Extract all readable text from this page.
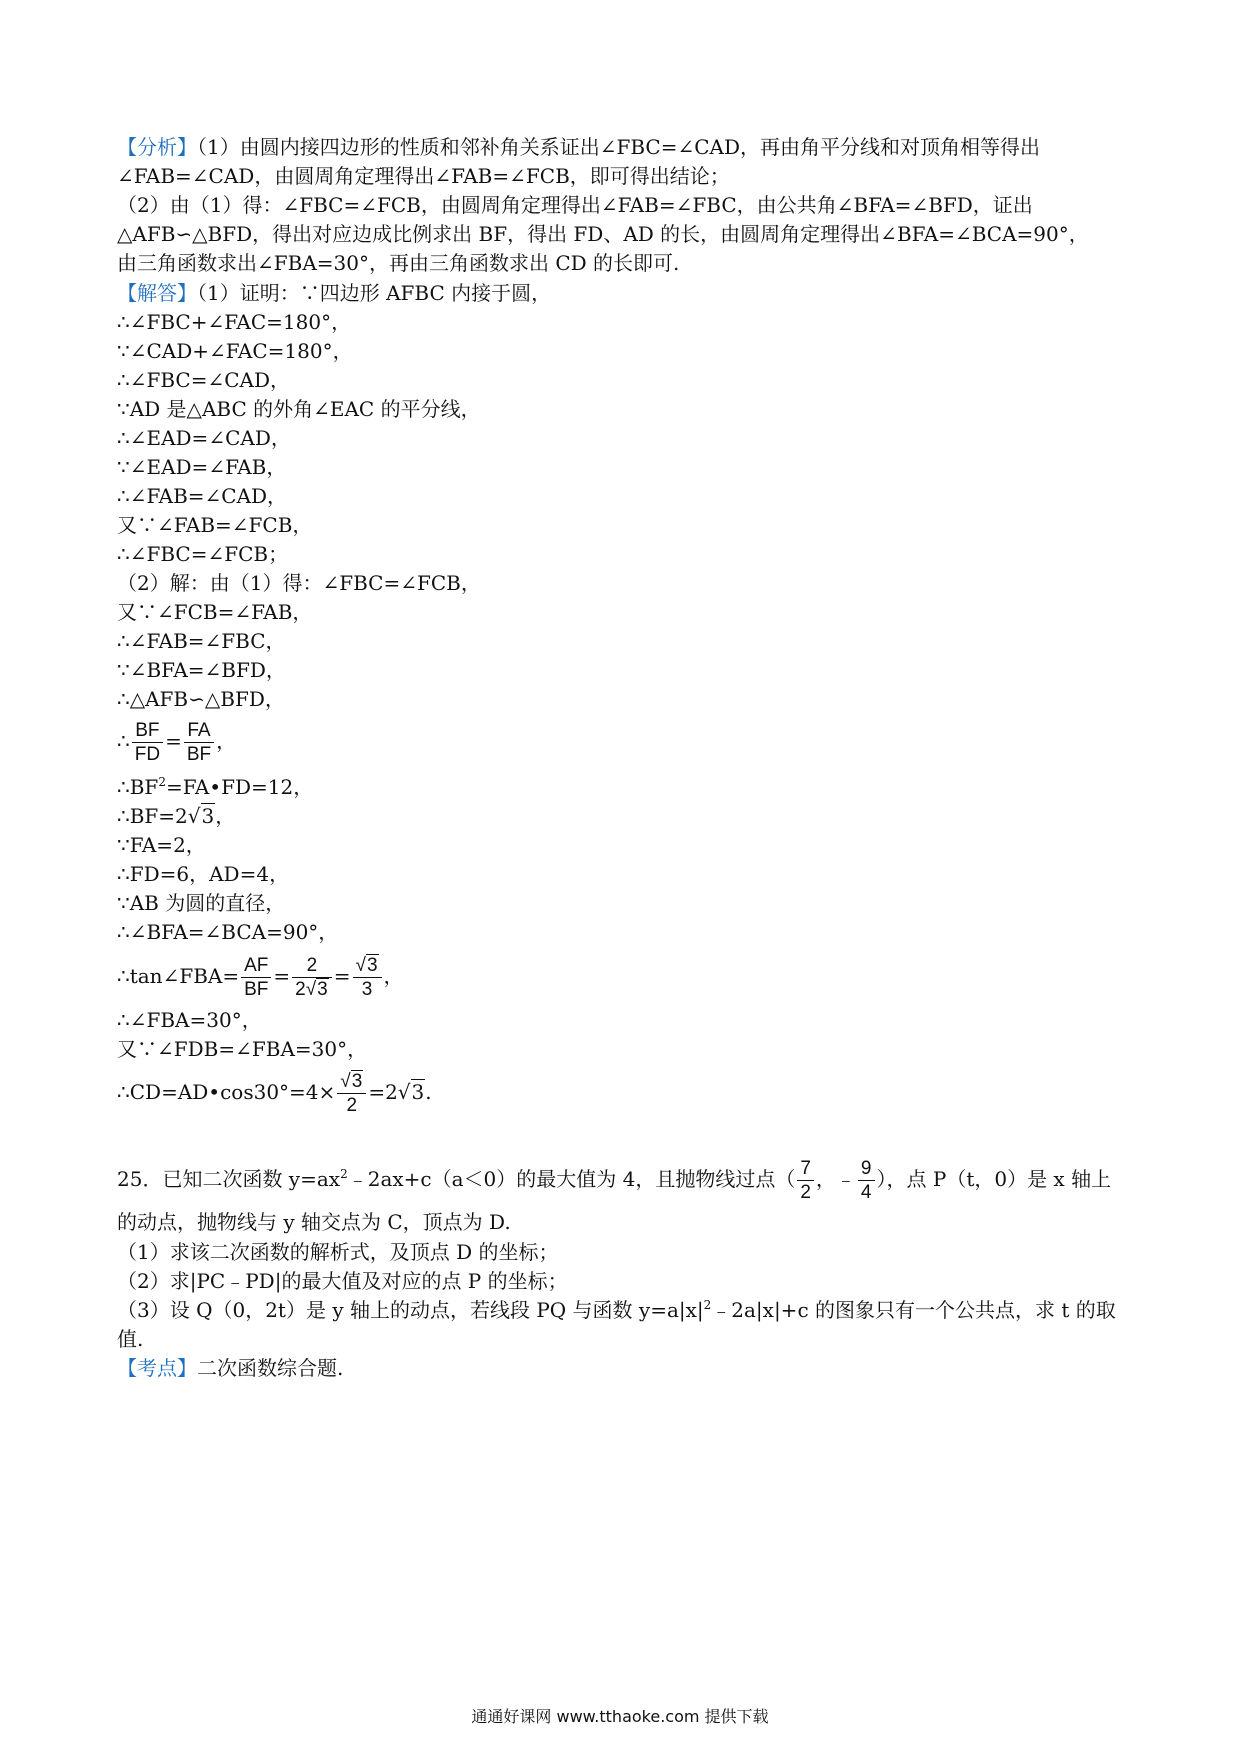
【分析】（1）由圆内接四边形的性质和邻补角关系证出∠FBC=∠CAD，再由角平分线和对顶角相等得出
∠FAB=∠CAD，由圆周角定理得出∠FAB=∠FCB，即可得出结论；
（2）由（1）得：∠FBC=∠FCB，由圆周角定理得出∠FAB=∠FBC，由公共角∠BFA=∠BFD，证出
△AFB∽△BFD，得出对应边成比例求出 BF，得出 FD、AD 的长，由圆周角定理得出∠BFA=∠BCA=90°，
由三角函数求出∠FBA=30°，再由三角函数求出 CD 的长即可.
【解答】（1）证明：∵四边形 AFBC 内接于圆，
∴∠FBC+∠FAC=180°，
∵∠CAD+∠FAC=180°，
∴∠FBC=∠CAD，
∵AD 是△ABC 的外角∠EAC 的平分线，
∴∠EAD=∠CAD，
∵∠EAD=∠FAB，
∴∠FAB=∠CAD，
又∵∠FAB=∠FCB，
∴∠FBC=∠FCB；
（2）解：由（1）得：∠FBC=∠FCB，
又∵∠FCB=∠FAB，
∴∠FAB=∠FBC，
∵∠BFA=∠BFD，
∴△AFB∽△BFD，
∴ $\frac{BF}{FD} = \frac{FA}{BF}$ ，
$\therefore BF^2=FA•FD=12$，
∴BF=2√3，
∵FA=2，
∴FD=6，AD=4，
∵AB 为圆的直径，
∴∠BFA=∠BCA=90°，
∴tan∠FBA= $\frac{AF}{BF} = \frac{2}{2√3} = \frac{√3}{3}$ ，
∴∠FBA=30°，
又∵∠FDB=∠FBA=30°，
∴CD=AD•cos30°=4× $\frac{√3}{2} =2√3$.
25．已知二次函数 $y=ax^2﹣2ax+c(a<0)$的最大值为 4，且抛物线过点（ $\frac{7}{2}$ ，﹣ $\frac{9}{4}$ ），点 P（t，0）是 x 轴上
的动点，抛物线与 y 轴交点为 C，顶点为 D.
（1）求该二次函数的解析式，及顶点 D 的坐标；
（2）求|PC﹣PD|的最大值及对应的点 P 的坐标；
（3）设 Q（0，2t）是 y 轴上的动点，若线段 PQ 与函数 $y=a|x|^2﹣2a|x|+c$ 的图象只有一个公共点，求 t 的取
值.
【考点】二次函数综合题.
通通好课网 www.tthaoke.com 提供下载
